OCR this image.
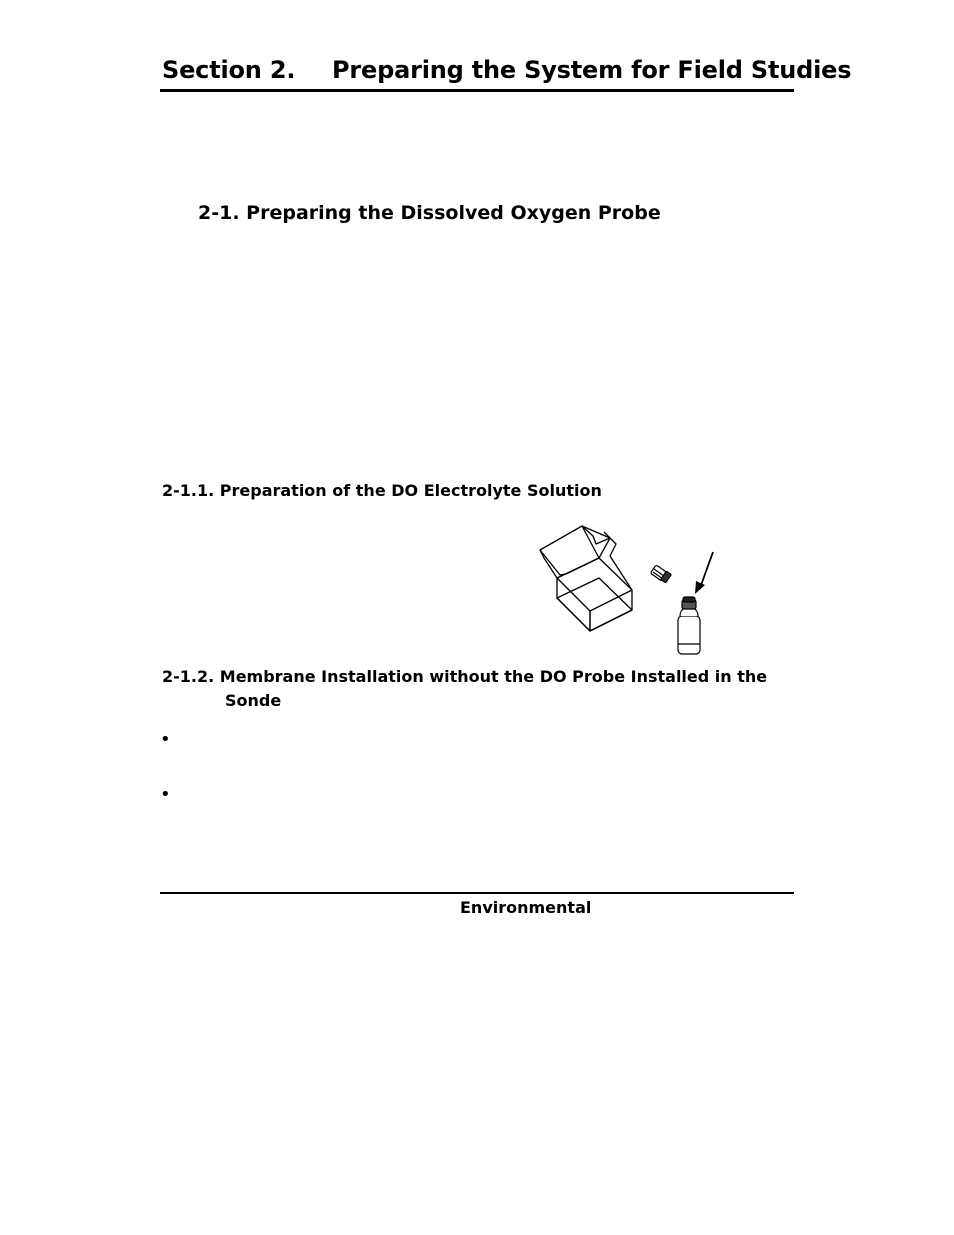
Section 2. Preparing the System for Field Studies
2-1. Preparing the Dissolved Oxygen Probe
2-1.1. Preparation of the DO Electrolyte Solution
2-1.2. Membrane Installation without the DO Probe Installed in the
Sonde
•
•
Environmental
